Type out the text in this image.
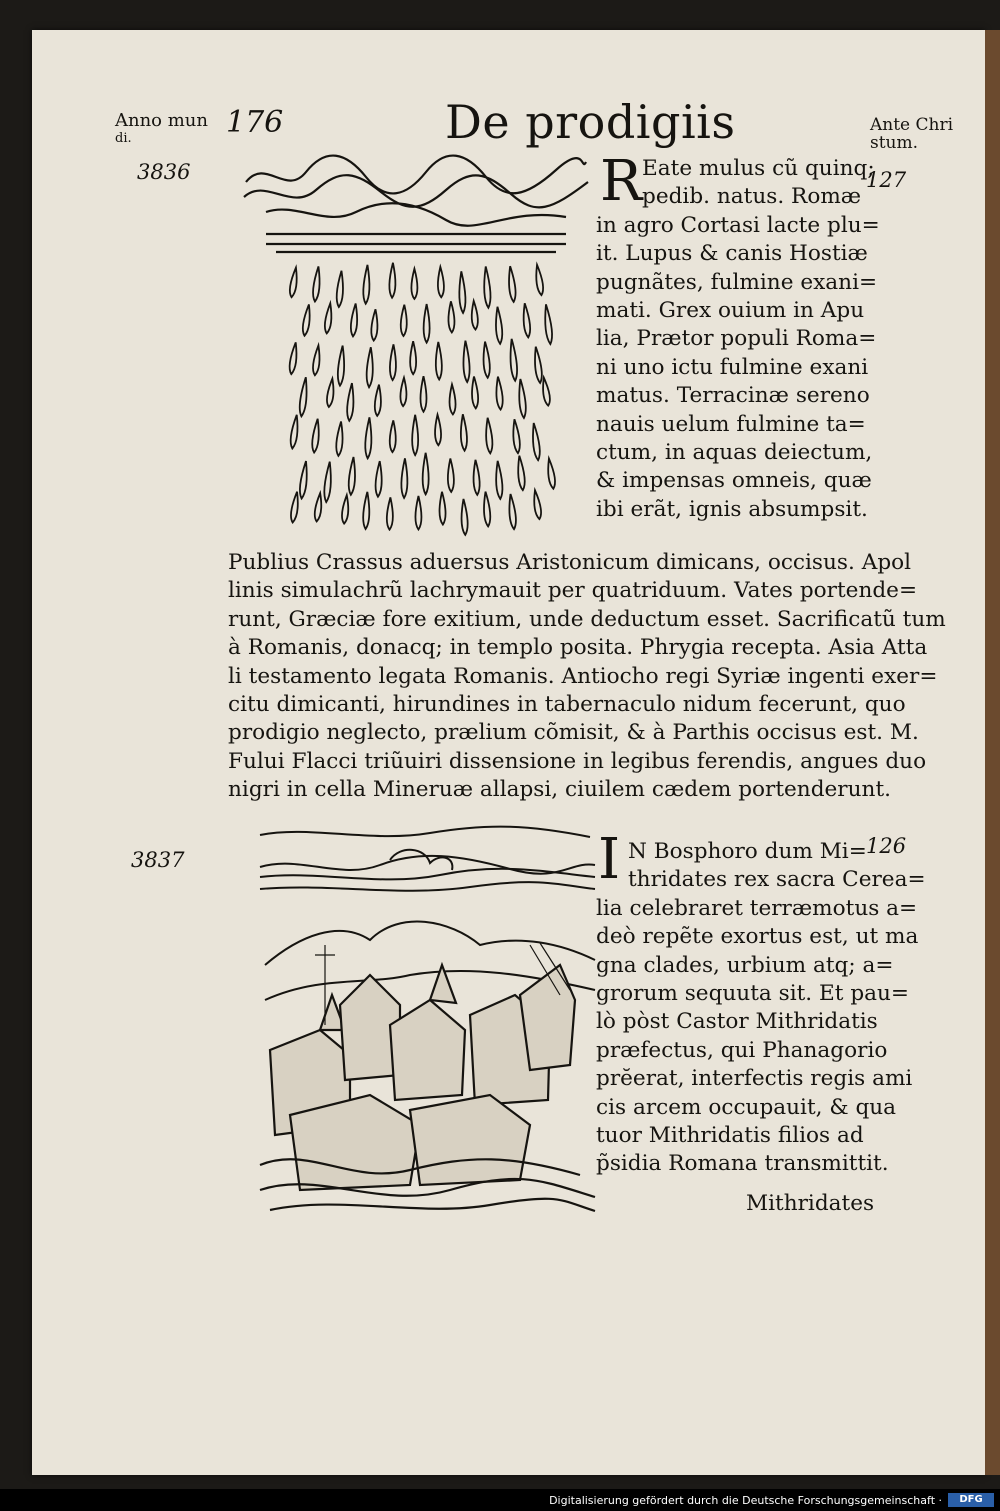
Anno mun
di.	176	De prodigiis	Ante Chri
stum.
3836	127
R Eate mulus cũ quinq;
pedib. natus. Romæ
in agro Cortasi lacte plu=
it. Lupus & canis Hostiæ
pugnãtes, fulmine exani=
mati. Grex ouium in Apu
lia, Prætor populi Roma=
ni uno ictu fulmine exani
matus. Terracinæ sereno
nauis uelum fulmine ta=
ctum, in aquas deiectum,
& impensas omneis, quæ
ibi erãt, ignis absumpsit.
Publius Crassus aduersus Aristonicum dimicans, occisus. Apol
linis simulachrũ lachrymauit per quatriduum. Vates portende=
runt, Græciæ fore exitium, unde deductum esset. Sacrificatũ tum
à Romanis, donacq; in templo posita. Phrygia recepta. Asia Atta
li testamento legata Romanis. Antiocho regi Syriæ ingenti exer=
citu dimicanti, hirundines in tabernaculo nidum fecerunt, quo
prodigio neglecto, prælium cõmisit, & à Parthis occisus est. M.
Fului Flacci triũuiri dissensione in legibus ferendis, angues duo
nigri in cella Mineruæ allapsi, ciuilem cædem portenderunt.
3837
126
I N Bosphoro dum Mi=
thridates rex sacra Cerea=
lia celebraret terræmotus a=
deò repẽte exortus est, ut ma
gna clades, urbium atq; a=
grorum sequuta sit. Et pau=
lò pòst Castor Mithridatis
præfectus, qui Phanagorio
prĕerat, interfectis regis ami
cis arcem occupauit, & qua
tuor Mithridatis filios ad
p̃sidia Romana transmittit.
Mithridates
Digitalisierung gefördert durch die Deutsche Forschungsgemeinschaft ·	DFG
